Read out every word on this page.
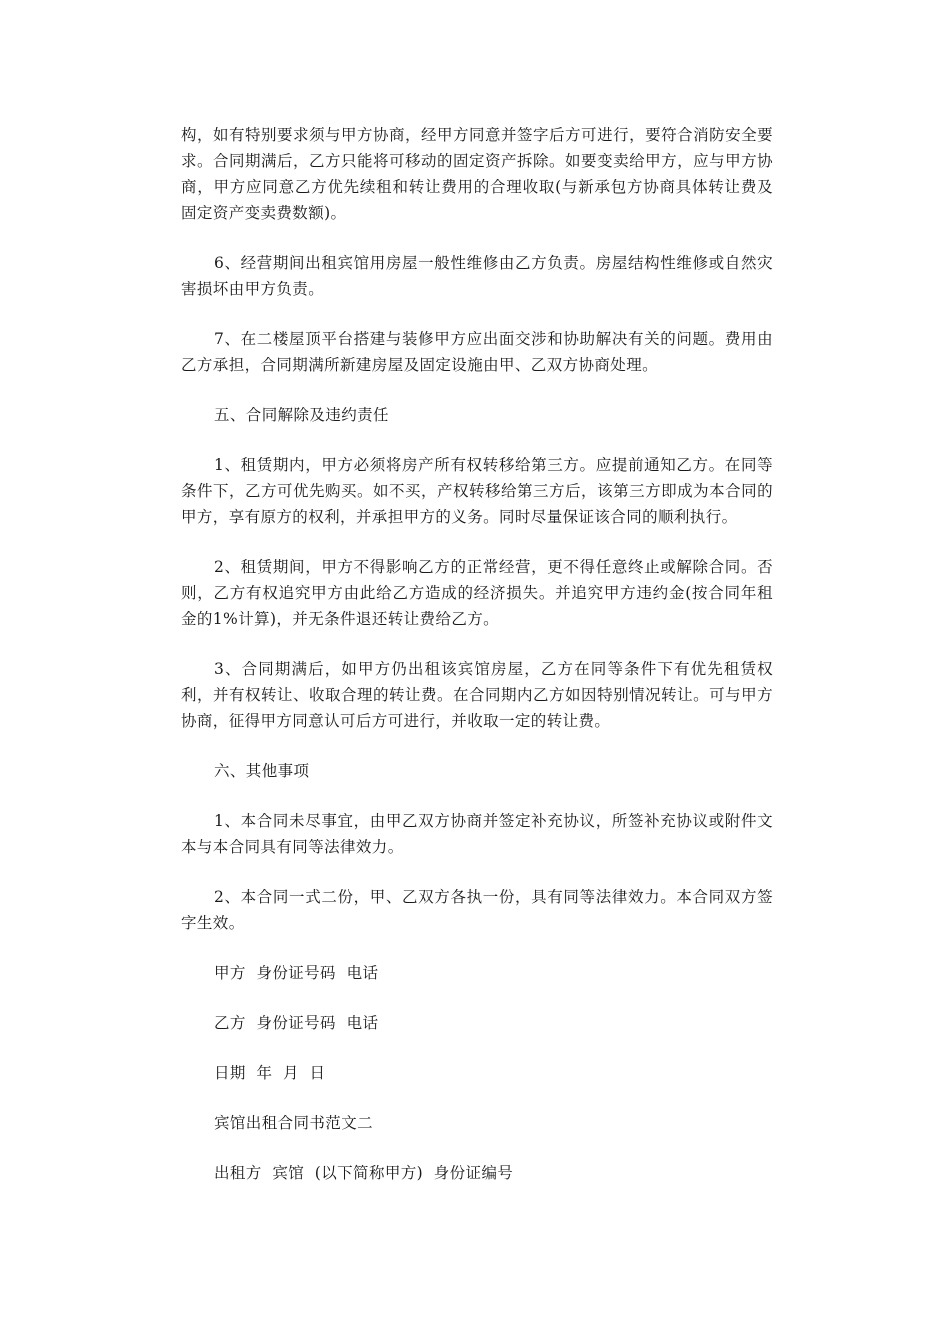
构，如有特别要求须与甲方协商，经甲方同意并签字后方可进行，要符合消防安全要求。合同期满后，乙方只能将可移动的固定资产拆除。如要变卖给甲方，应与甲方协商，甲方应同意乙方优先续租和转让费用的合理收取(与新承包方协商具体转让费及固定资产变卖费数额)。

6、经营期间出租宾馆用房屋一般性维修由乙方负责。房屋结构性维修或自然灾害损坏由甲方负责。

7、在二楼屋顶平台搭建与装修甲方应出面交涉和协助解决有关的问题。费用由乙方承担，合同期满所新建房屋及固定设施由甲、乙双方协商处理。

五、合同解除及违约责任

1、租赁期内，甲方必须将房产所有权转移给第三方。应提前通知乙方。在同等条件下，乙方可优先购买。如不买，产权转移给第三方后，该第三方即成为本合同的甲方，享有原方的权利，并承担甲方的义务。同时尽量保证该合同的顺利执行。

2、租赁期间，甲方不得影响乙方的正常经营，更不得任意终止或解除合同。否则，乙方有权追究甲方由此给乙方造成的经济损失。并追究甲方违约金(按合同年租金的1%计算)，并无条件退还转让费给乙方。

3、合同期满后，如甲方仍出租该宾馆房屋，乙方在同等条件下有优先租赁权利，并有权转让、收取合理的转让费。在合同期内乙方如因特别情况转让。可与甲方协商，征得甲方同意认可后方可进行，并收取一定的转让费。

六、其他事项

1、本合同未尽事宜，由甲乙双方协商并签定补充协议，所签补充协议或附件文本与本合同具有同等法律效力。

2、本合同一式二份，甲、乙双方各执一份，具有同等法律效力。本合同双方签字生效。

甲方  身份证号码  电话

乙方  身份证号码  电话

日期  年  月  日

宾馆出租合同书范文二

出租方  宾馆  (以下简称甲方)  身份证编号
